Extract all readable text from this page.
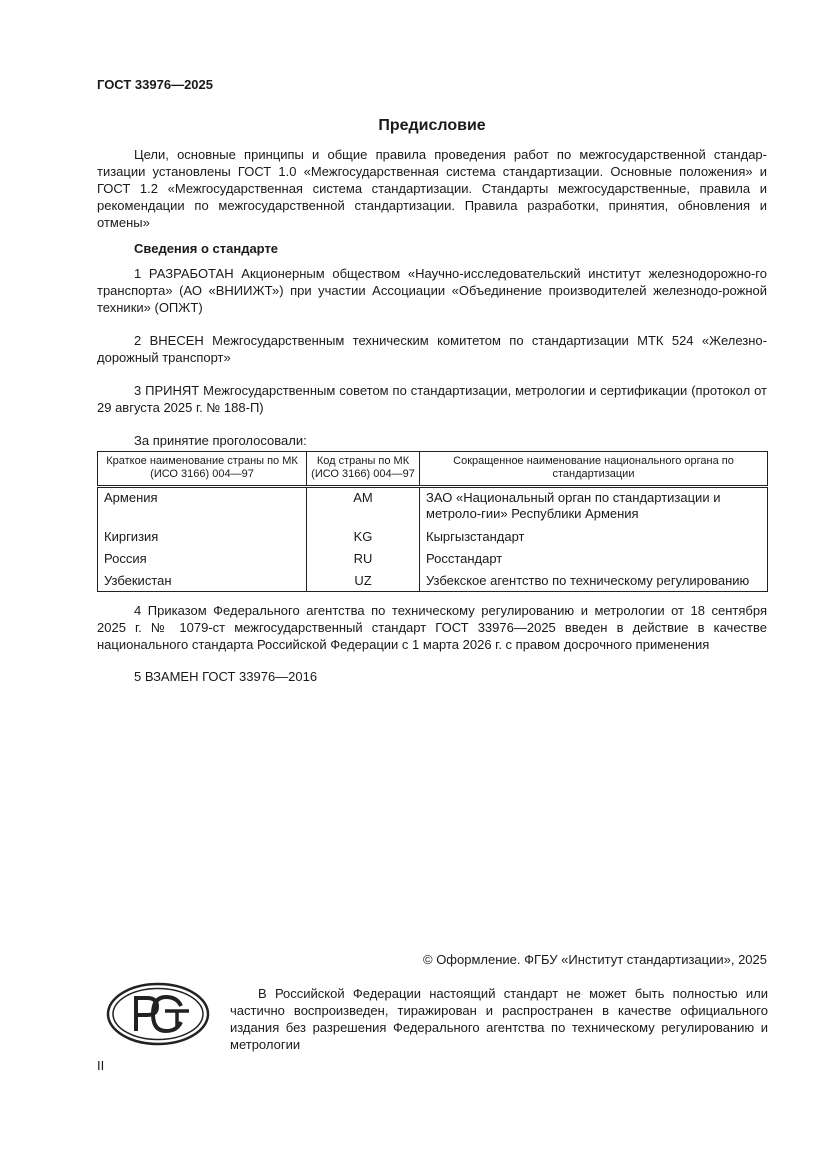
ГОСТ 33976—2025
Предисловие
Цели, основные принципы и общие правила проведения работ по межгосударственной стандар-тизации установлены ГОСТ 1.0 «Межгосударственная система стандартизации. Основные положения» и ГОСТ 1.2 «Межгосударственная система стандартизации. Стандарты межгосударственные, правила и рекомендации по межгосударственной стандартизации. Правила разработки, принятия, обновления и отмены»
Сведения о стандарте
1 РАЗРАБОТАН Акционерным обществом «Научно-исследовательский институт железнодорожно-го транспорта» (АО «ВНИИЖТ») при участии Ассоциации «Объединение производителей железнодо-рожной техники» (ОПЖТ)
2 ВНЕСЕН Межгосударственным техническим комитетом по стандартизации МТК 524 «Железно-дорожный транспорт»
3 ПРИНЯТ Межгосударственным советом по стандартизации, метрологии и сертификации (протокол от 29 августа 2025 г. № 188-П)
За принятие проголосовали:
Краткое наименование страны по МК (ИСО 3166) 004—97	Код страны по МК (ИСО 3166) 004—97	Сокращенное наименование национального органа по стандартизации
Армения	AM	ЗАО «Национальный орган по стандартизации и метроло-гии» Республики Армения
Киргизия	KG	Кыргызстандарт
Россия	RU	Росстандарт
Узбекистан	UZ	Узбекское агентство по техническому регулированию
4 Приказом Федерального агентства по техническому регулированию и метрологии от 18 сентября 2025 г. № 1079-ст межгосударственный стандарт ГОСТ 33976—2025 введен в действие в качестве национального стандарта Российской Федерации с 1 марта 2026 г. с правом досрочного применения
5 ВЗАМЕН ГОСТ 33976—2016
© Оформление. ФГБУ «Институт стандартизации», 2025
В Российской Федерации настоящий стандарт не может быть полностью или частично воспроизведен, тиражирован и распространен в качестве официального издания без разрешения Федерального агентства по техническому регулированию и метрологии
II
